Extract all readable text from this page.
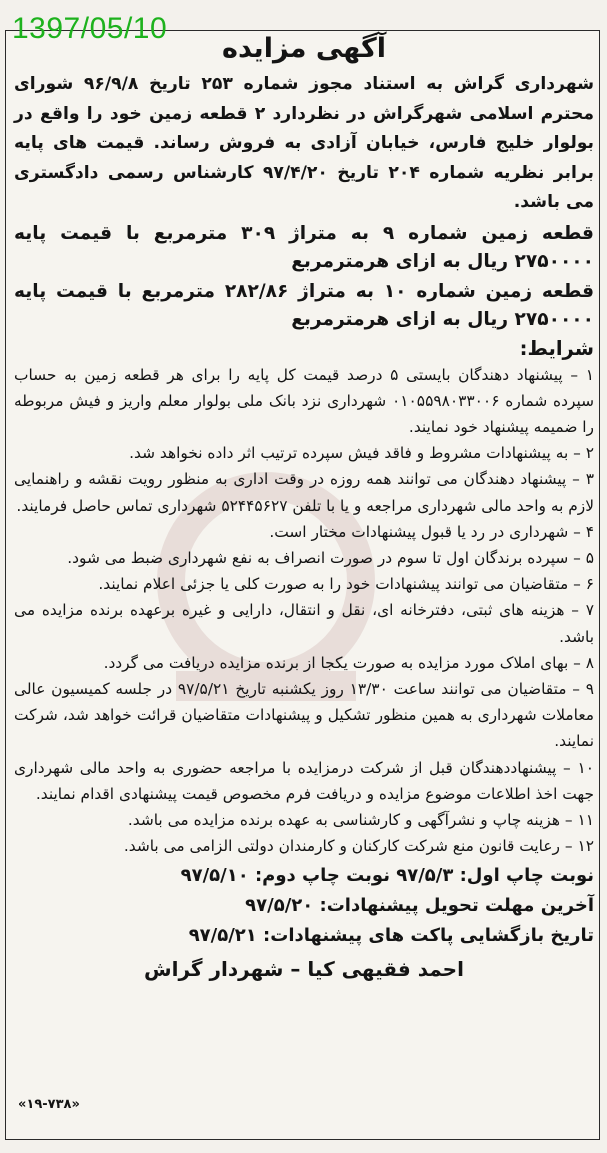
1397/05/10
آگهی مزایده

شهرداری گراش به استناد مجوز شماره ۲۵۳ تاریخ ۹۶/۹/۸ شورای محترم اسلامی شهرگراش در نظردارد ۲ قطعه زمین خود را واقع در بولوار خلیج فارس، خیابان آزادی به فروش رساند. قیمت های پایه برابر نظریه شماره ۲۰۴ تاریخ ۹۷/۴/۲۰ کارشناس رسمی دادگستری می باشد.

قطعه زمین شماره ۹ به متراژ ۳۰۹ مترمربع با قیمت پایه ۲۷۵۰۰۰۰ ریال به ازای هرمترمربع

قطعه زمین شماره ۱۰ به متراژ ۲۸۲/۸۶ مترمربع با قیمت پایه ۲۷۵۰۰۰۰ ریال به ازای هرمترمربع

شرایط:
۱ – پیشنهاد دهندگان بایستی ۵ درصد قیمت کل پایه را برای هر قطعه زمین به حساب سپرده شماره ۰۱۰۵۵۹۸۰۳۳۰۰۶ شهرداری نزد بانک ملی بولوار معلم واریز و فیش مربوطه را ضمیمه پیشنهاد خود نمایند.
۲ – به پیشنهادات مشروط و فاقد فیش سپرده ترتیب اثر داده نخواهد شد.
۳ – پیشنهاد دهندگان می توانند همه روزه در وقت اداری به منظور رویت نقشه و راهنمایی لازم به واحد مالی شهرداری مراجعه و یا با تلفن ۵۲۴۴۵۶۲۷ شهرداری تماس حاصل فرمایند.
۴ – شهرداری در رد یا قبول پیشنهادات مختار است.
۵ – سپرده برندگان اول تا سوم در صورت انصراف به نفع شهرداری ضبط می شود.
۶ – متقاضیان می توانند پیشنهادات خود را به صورت کلی یا جزئی اعلام نمایند.
۷ – هزینه های ثبتی، دفترخانه ای، نقل و انتقال، دارایی و غیره برعهده برنده مزایده می باشد.
۸ – بهای املاک مورد مزایده به صورت یکجا از برنده مزایده دریافت می گردد.
۹ – متقاضیان می توانند ساعت ۱۳/۳۰ روز یکشنبه تاریخ ۹۷/۵/۲۱ در جلسه کمیسیون عالی معاملات شهرداری به همین منظور تشکیل و پیشنهادات متقاضیان قرائت خواهد شد، شرکت نمایند.
۱۰ – پیشنهاددهندگان قبل از شرکت درمزایده با مراجعه حضوری به واحد مالی شهرداری جهت اخذ اطلاعات موضوع مزایده و دریافت فرم مخصوص قیمت پیشنهادی اقدام نمایند.
۱۱ – هزینه چاپ و نشرآگهی و کارشناسی به عهده برنده مزایده می باشد.
۱۲ – رعایت قانون منع شرکت کارکنان و کارمندان دولتی الزامی می باشد.
نوبت چاپ اول: ۹۷/۵/۳ نوبت چاپ دوم: ۹۷/۵/۱۰
آخرین مهلت تحویل پیشنهادات: ۹۷/۵/۲۰
تاریخ بازگشایی پاکت های پیشنهادات: ۹۷/۵/۲۱
احمد فقیهی کیا – شهردار گراش
«۱۹-۷۳۸»
